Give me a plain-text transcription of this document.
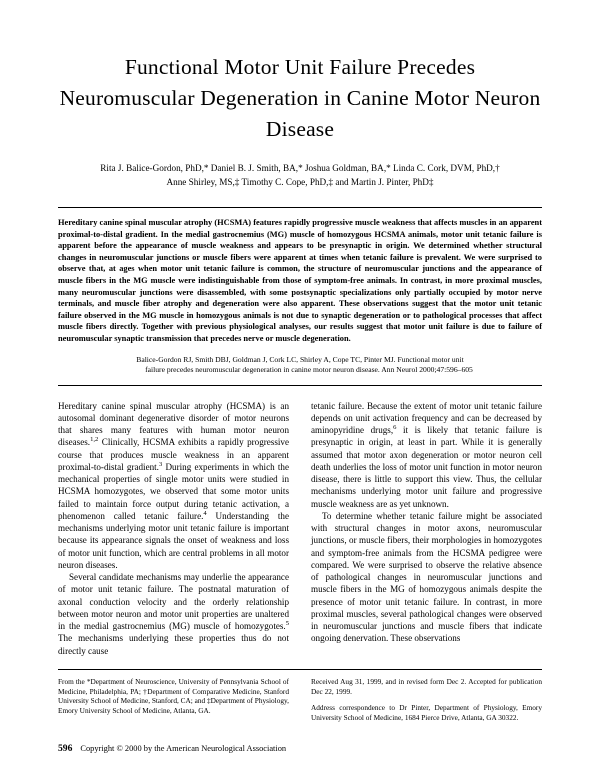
Functional Motor Unit Failure Precedes Neuromuscular Degeneration in Canine Motor Neuron Disease
Rita J. Balice-Gordon, PhD,* Daniel B. J. Smith, BA,* Joshua Goldman, BA,* Linda C. Cork, DVM, PhD,†
Anne Shirley, MS,‡ Timothy C. Cope, PhD,‡ and Martin J. Pinter, PhD‡

Hereditary canine spinal muscular atrophy (HCSMA) features rapidly progressive muscle weakness that affects muscles in an apparent proximal-to-distal gradient. In the medial gastrocnemius (MG) muscle of homozygous HCSMA animals, motor unit tetanic failure is apparent before the appearance of muscle weakness and appears to be presynaptic in origin. We determined whether structural changes in neuromuscular junctions or muscle fibers were apparent at times when tetanic failure is prevalent. We were surprised to observe that, at ages when motor unit tetanic failure is common, the structure of neuromuscular junctions and the appearance of muscle fibers in the MG muscle were indistinguishable from those of symptom-free animals. In contrast, in more proximal muscles, many neuromuscular junctions were disassembled, with some postsynaptic specializations only partially occupied by motor nerve terminals, and muscle fiber atrophy and degeneration were also apparent. These observations suggest that the motor unit tetanic failure observed in the MG muscle in homozygous animals is not due to synaptic degeneration or to pathological processes that affect muscle fibers directly. Together with previous physiological analyses, our results suggest that motor unit failure is due to failure of neuromuscular synaptic transmission that precedes nerve or muscle degeneration.

Balice-Gordon RJ, Smith DBJ, Goldman J, Cork LC, Shirley A, Cope TC, Pinter MJ. Functional motor unit
failure precedes neuromuscular degeneration in canine motor neuron disease. Ann Neurol 2000;47:596–605

Hereditary canine spinal muscular atrophy (HCSMA) is an autosomal dominant degenerative disorder of motor neurons that shares many features with human motor neuron diseases.$^{1,2}$ Clinically, HCSMA exhibits a rapidly progressive course that produces muscle weakness in an apparent proximal-to-distal gradient.$^3$ During experiments in which the mechanical properties of single motor units were studied in HCSMA homozygotes, we observed that some motor units failed to maintain force output during tetanic activation, a phenomenon called tetanic failure.$^4$ Understanding the mechanisms underlying motor unit tetanic failure is important because its appearance signals the onset of weakness and loss of motor unit function, which are central problems in all motor neuron diseases.

Several candidate mechanisms may underlie the appearance of motor unit tetanic failure. The postnatal maturation of axonal conduction velocity and the orderly relationship between motor neuron and motor unit properties are unaltered in the medial gastrocnemius (MG) muscle of homozygotes.$^5$ The mechanisms underlying these properties thus do not directly cause

tetanic failure. Because the extent of motor unit tetanic failure depends on unit activation frequency and can be decreased by aminopyridine drugs,$^6$ it is likely that tetanic failure is presynaptic in origin, at least in part. While it is generally assumed that motor axon degeneration or motor neuron cell death underlies the loss of motor unit function in motor neuron disease, there is little to support this view. Thus, the cellular mechanisms underlying motor unit failure and progressive muscle weakness are as yet unknown.

To determine whether tetanic failure might be associated with structural changes in motor axons, neuromuscular junctions, or muscle fibers, their morphologies in homozygotes and symptom-free animals from the HCSMA pedigree were compared. We were surprised to observe the relative absence of pathological changes in neuromuscular junctions and muscle fibers in the MG of homozygous animals despite the presence of motor unit tetanic failure. In contrast, in more proximal muscles, several pathological changes were observed in neuromuscular junctions and muscle fibers that indicate ongoing denervation. These observations

From the *Department of Neuroscience, University of Pennsylvania School of Medicine, Philadelphia, PA; †Department of Comparative Medicine, Stanford University School of Medicine, Stanford, CA; and ‡Department of Physiology, Emory University School of Medicine, Atlanta, GA.

Received Aug 31, 1999, and in revised form Dec 2. Accepted for publication Dec 22, 1999.

Address correspondence to Dr Pinter, Department of Physiology, Emory University School of Medicine, 1684 Pierce Drive, Atlanta, GA 30322.

596 Copyright © 2000 by the American Neurological Association
